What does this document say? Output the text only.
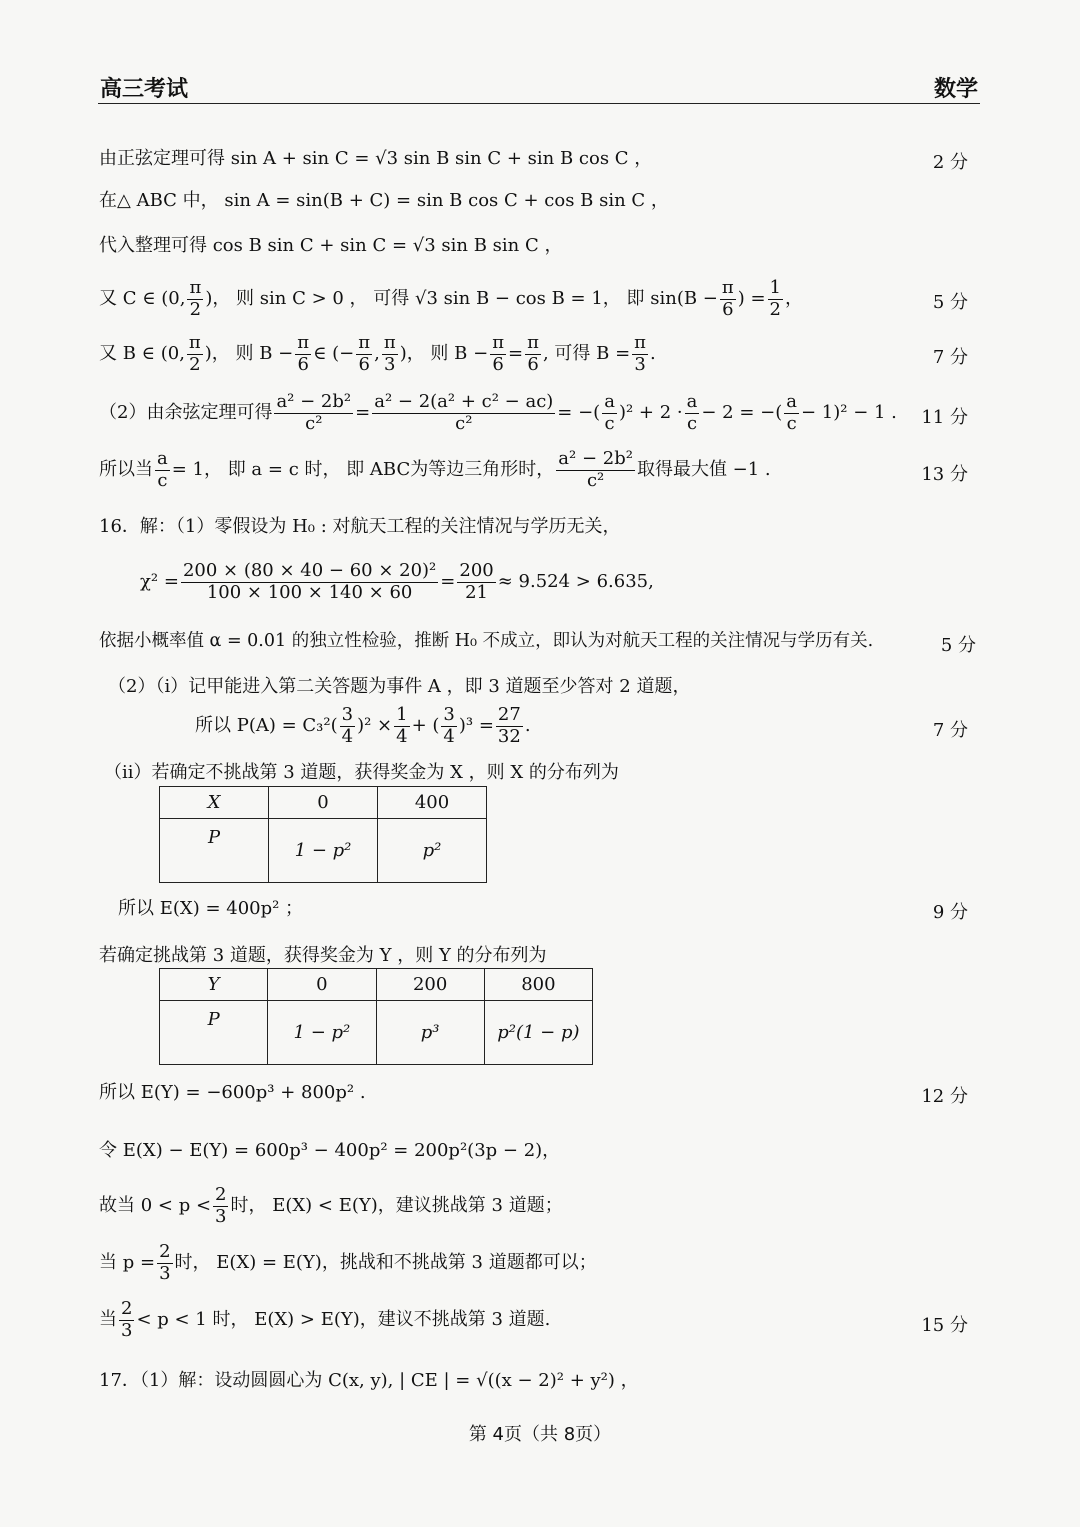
高三考试	数学
由正弦定理可得 sin A + sin C = √3 sin B sin C + sin B cos C ，	2 分
在△ ABC 中， sin A = sin(B + C) = sin B cos C + cos B sin C ，
代入整理可得 cos B sin C + sin C = √3 sin B sin C ，
又 C ∈ (0, $\frac{\pi}{2}$ )， 则 sin C > 0 ， 可得 √3 sin B − cos B = 1， 即 $\sin(B - \frac{\pi}{6}$ ) = $\frac{1}{2}$ ，	5 分
又 B ∈ (0, $\frac{\pi}{2}$ )， 则 $B - \frac{\pi}{6}$ ∈ (− $\frac{\pi}{6}$ , $\frac{\pi}{3}$ )， 则 $B - \frac{\pi}{6} = \frac{\pi}{6}$ , 可得 $B = \frac{\pi}{3}$ .	7 分
（2）由余弦定理可得 $\frac{\text{a² − 2b²}}{\text{c²}} = \frac{\text{a² − 2(a² + c² − ac)}}{\text{c²}}$ = −( $\frac{a}{c} )^2 + 2 \cdot \frac{a}{c} - 2$ = −( $\frac{a}{c} - 1)^2 - 1$ . 11 分
所以当 $\frac{a}{c} = 1$， 即 a = c 时， 即 ABC为等边三角形时， $\frac{\text{a² − 2b²}}{\text{c²}}$ 取得最大值 −1 .	13 分
16．解：（1）零假设为 H₀ : 对航天工程的关注情况与学历无关，
$\chi^2 = \frac{\text{200 × (80 × 40 − 60 × 20)²}}{100 \times 100 \times 140 \times 60} = \frac{200}{21} \approx 9.524 > 6.635$,
依据小概率值 α = 0.01 的独立性检验，推断 H₀ 不成立，即认为对航天工程的关注情况与学历有关.	5 分
（2）（i）记甲能进入第二关答题为事件 A ，即 3 道题至少答对 2 道题，
所以 $P(A) = C_3^2( \frac{3}{4} )^2 \times \frac{1}{4}$ + ( $\frac{3}{4} )^3 = \frac{27}{32}$ .	7 分
（ii）若确定不挑战第 3 道题，获得奖金为 X ，则 X 的分布列为
X	0	400
P	1 − p²	p²
所以 E(X) = 400p² ；	9 分
若确定挑战第 3 道题，获得奖金为 Y ，则 Y 的分布列为
Y	0	200	800
P	1 − p²	p³	p²(1 − p)
所以 E(Y) = −600p³ + 800p² .	12 分
令 E(X) − E(Y) = 600p³ − 400p² = 200p²(3p − 2)，
故当 $0 < p < \frac{2}{3}$ 时， E(X) < E(Y)，建议挑战第 3 道题；
当 $p = \frac{2}{3}$ 时， E(X) = E(Y)，挑战和不挑战第 3 道题都可以；
当 $\frac{2}{3} < p < 1$ 时， E(X) > E(Y)，建议不挑战第 3 道题.	15 分
17．（1）解：设动圆圆心为 C(x, y), | CE | = √((x − 2)² + y²) ，
第 4页（共 8页）
